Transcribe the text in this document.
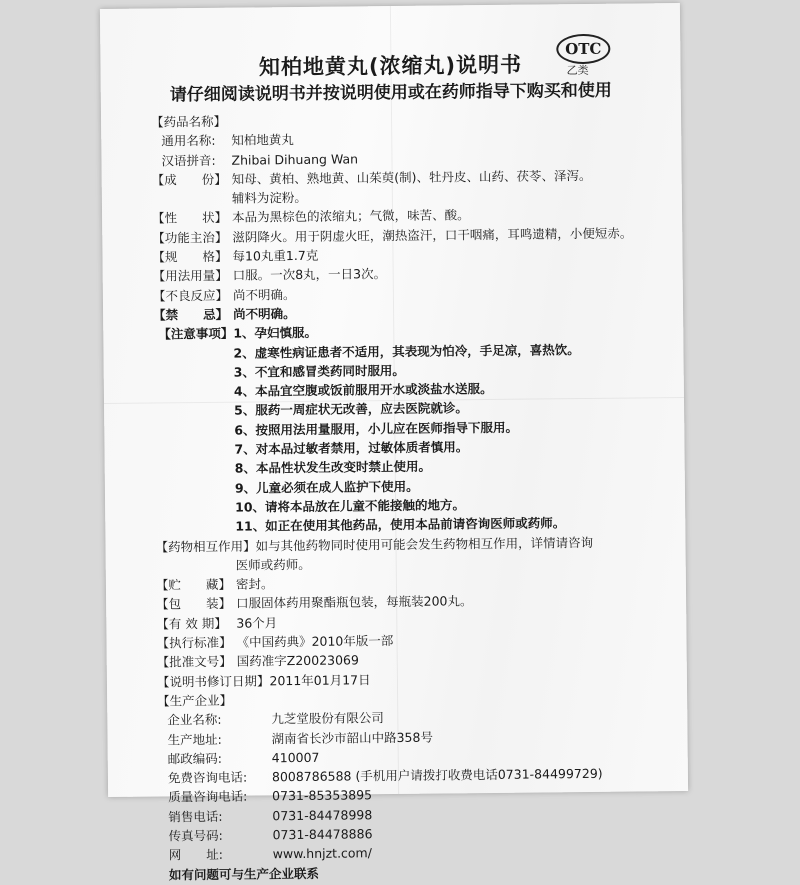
OTC
乙类
知柏地黄丸(浓缩丸)说明书
请仔细阅读说明书并按说明使用或在药师指导下购买和使用
【药品名称】
通用名称:	知柏地黄丸
汉语拼音:	Zhibai Dihuang Wan
【成　　份】 知母、黄柏、熟地黄、山茱萸(制)、牡丹皮、山药、茯苓、泽泻。
辅料为淀粉。
【性　　状】 本品为黑棕色的浓缩丸；气微，味苦、酸。
【功能主治】 滋阴降火。用于阴虚火旺，潮热盗汗，口干咽痛，耳鸣遗精，小便短赤。
【规　　格】 每10丸重1.7克
【用法用量】 口服。一次8丸，一日3次。
【不良反应】 尚不明确。
【禁　　忌】 尚不明确。
【注意事项】 1、孕妇慎服。
2、虚寒性病证患者不适用，其表现为怕冷，手足凉，喜热饮。
3、不宜和感冒类药同时服用。
4、本品宜空腹或饭前服用开水或淡盐水送服。
5、服药一周症状无改善，应去医院就诊。
6、按照用法用量服用，小儿应在医师指导下服用。
7、对本品过敏者禁用，过敏体质者慎用。
8、本品性状发生改变时禁止使用。
9、儿童必须在成人监护下使用。
10、请将本品放在儿童不能接触的地方。
11、如正在使用其他药品，使用本品前请咨询医师或药师。
【药物相互作用】如与其他药物同时使用可能会发生药物相互作用，详情请咨询
医师或药师。
【贮　　藏】 密封。
【包　　装】 口服固体药用聚酯瓶包装，每瓶装200丸。
【有 效 期】 36个月
【执行标准】 《中国药典》2010年版一部
【批准文号】 国药准字Z20023069
【说明书修订日期】 2011年01月17日
【生产企业】
企业名称:	九芝堂股份有限公司
生产地址:	湖南省长沙市韶山中路358号
邮政编码:	410007
免费咨询电话:	8008786588 (手机用户请拨打收费电话0731-84499729)
质量咨询电话:	0731-85353895
销售电话:	0731-84478998
传真号码:	0731-84478886
网　　址:	www.hnjzt.com/
如有问题可与生产企业联系
